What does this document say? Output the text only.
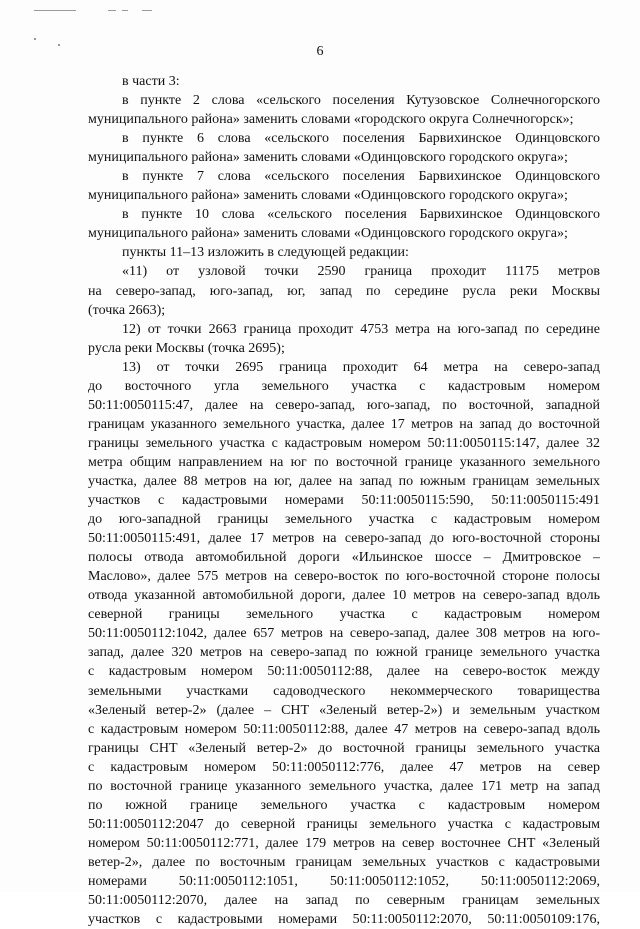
6
в части 3:
в пункте 2 слова «сельского поселения Кутузовское Солнечногорского
муниципального района» заменить словами «городского округа Солнечногорск»;
в пункте 6 слова «сельского поселения Барвихинское Одинцовского
муниципального района» заменить словами «Одинцовского городского округа»;
в пункте 7 слова «сельского поселения Барвихинское Одинцовского
муниципального района» заменить словами «Одинцовского городского округа»;
в пункте 10 слова «сельского поселения Барвихинское Одинцовского
муниципального района» заменить словами «Одинцовского городского округа»;
пункты 11–13 изложить в следующей редакции:
«11) от узловой точки 2590 граница проходит 11175 метров
на северо-запад, юго-запад, юг, запад по середине русла реки Москвы
(точка 2663);
12) от точки 2663 граница проходит 4753 метра на юго-запад по середине
русла реки Москвы (точка 2695);
13) от точки 2695 граница проходит 64 метра на северо-запад
до восточного угла земельного участка с кадастровым номером
50:11:0050115:47, далее на северо-запад, юго-запад, по восточной, западной
границам указанного земельного участка, далее 17 метров на запад до восточной
границы земельного участка с кадастровым номером 50:11:0050115:147, далее 32
метра общим направлением на юг по восточной границе указанного земельного
участка, далее 88 метров на юг, далее на запад по южным границам земельных
участков с кадастровыми номерами 50:11:0050115:590, 50:11:0050115:491
до юго-западной границы земельного участка с кадастровым номером
50:11:0050115:491, далее 17 метров на северо-запад до юго-восточной стороны
полосы отвода автомобильной дороги «Ильинское шоссе – Дмитровское –
Маслово», далее 575 метров на северо-восток по юго-восточной стороне полосы
отвода указанной автомобильной дороги, далее 10 метров на северо-запад вдоль
северной границы земельного участка с кадастровым номером
50:11:0050112:1042, далее 657 метров на северо-запад, далее 308 метров на юго-
запад, далее 320 метров на северо-запад по южной границе земельного участка
с кадастровым номером 50:11:0050112:88, далее на северо-восток между
земельными участками садоводческого некоммерческого товарищества
«Зеленый ветер-2» (далее – СНТ «Зеленый ветер-2») и земельным участком
с кадастровым номером 50:11:0050112:88, далее 47 метров на северо-запад вдоль
границы СНТ «Зеленый ветер-2» до восточной границы земельного участка
с кадастровым номером 50:11:0050112:776, далее 47 метров на север
по восточной границе указанного земельного участка, далее 171 метр на запад
по южной границе земельного участка с кадастровым номером
50:11:0050112:2047 до северной границы земельного участка с кадастровым
номером 50:11:0050112:771, далее 179 метров на север восточнее СНТ «Зеленый
ветер-2», далее по восточным границам земельных участков с кадастровыми
номерами 50:11:0050112:1051, 50:11:0050112:1052, 50:11:0050112:2069,
50:11:0050112:2070, далее на запад по северным границам земельных
участков с кадастровыми номерами 50:11:0050112:2070, 50:11:0050109:176,
